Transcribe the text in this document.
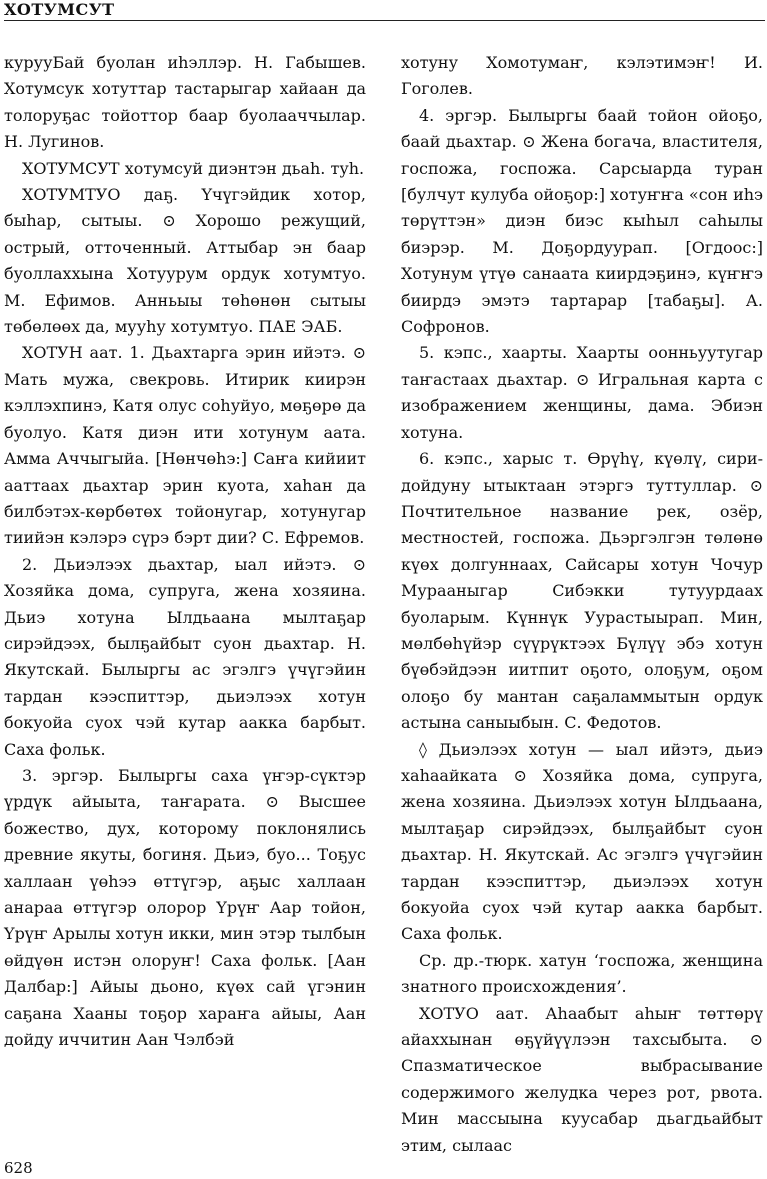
ХОТУМСУТ

курууБай буолан иhэллэр. Н. Габышев. Хотумсук хотуттар тастарыгар хайаан да толоруҕас тойоттор баар буолааччылар. Н. Лугинов.

ХОТУМСУТ хотумсуй диэнтэн дьаh. туh.

ХОТУМТУО даҕ. Үчүгэйдик хотор, быhар, сытыы. ⊙ Хорошо режущий, острый, отточенный. Аттыбар эн баар буоллаххына Хотуурум ордук хотумтуо. М. Ефимов. Анньыы төhөнөн сытыы төбөлөөх да, мууhу хотумтуо. ПАЕ ЭАБ.

ХОТУН аат. 1. Дьахтарга эрин ийэтэ. ⊙ Мать мужа, свекровь. Итирик киирэн кэллэхпинэ, Катя олус соhуйуо, мөҕөрө да буолуо. Катя диэн ити хотунум аата. Амма Аччыгыйа. [Нөнчөhэ:] Саҥа кийиит ааттаах дьахтар эрин куота, хаhан да билбэтэх-көрбөтөх тойонугар, хотунугар тиийэн кэлэрэ сүрэ бэрт дии? С. Ефремов.

2. Дьиэлээх дьахтар, ыал ийэтэ. ⊙ Хозяйка дома, супруга, жена хозяина. Дьиэ хотуна Ылдьаана мылтаҕар сирэйдээх, былҕайбыт суон дьахтар. Н. Якутскай. Былыргы ас эгэлгэ үчүгэйин тардан кээспиттэр, дьиэлээх хотун бокуойа суох чэй кутар аакка барбыт. Саха фольк.

3. эргэр. Былыргы саха үҥэр-сүктэр үрдүк айыыта, таҥарата. ⊙ Высшее божество, дух, которому поклонялись древние якуты, богиня. Дьиэ, буо... Тоҕус халлаан үөhээ өттүгэр, аҕыс халлаан анараа өттүгэр олорор Үрүҥ Аар тойон, Үрүҥ Арылы хотун икки, мин этэр тылбын өйдүөн истэн олоруҥ! Саха фольк. [Аан Далбар:] Айыы дьоно, күөх сай үгэнин саҕана Хааны тоҕор хараҥа айыы, Аан дойду иччитин Аан Чэлбэй

хотуну Хомотумаҥ, кэлэтимэҥ! И. Гоголев.

4. эргэр. Былыргы баай тойон ойоҕо, баай дьахтар. ⊙ Жена богача, властителя, госпожа, госпожа. Сарсыарда туран [булчут кулуба ойоҕор:] хотуҥҥа «сон иhэ төрүттэн» диэн биэс кыhыл саhылы биэрэр. М. Доҕордуурап. [Огдоос:] Хотунум үтүө санаата киирдэҕинэ, күҥҥэ биирдэ эмэтэ тартарар [табаҕы]. А. Софронов.

5. кэпс., хаарты. Хаарты оонньуутугар таҥастаах дьахтар. ⊙ Игральная карта с изображением женщины, дама. Эбиэн хотуна.

6. кэпс., харыс т. Өрүһү, күөлү, сири-дойдуну ытыктаан этэргэ туттуллар. ⊙ Почтительное название рек, озёр, местностей, госпожа. Дьэргэлгэн төлөнө күөх долгуннаах, Сайсары хотун Чочур Мурааныгар Сибэкки тутуурдаах буоларым. Күннүк Уурастыырап. Мин, мөлбөhүйэр сүүрүктээх Бүлүү эбэ хотун бүөбэйдээн иитпит оҕото, олоҕум, оҕом олоҕо бу мантан саҕаламмытын ордук астына саныыбын. С. Федотов.

◊ Дьиэлээх хотун — ыал ийэтэ, дьиэ хаhаайката ⊙ Хозяйка дома, супруга, жена хозяина. Дьиэлээх хотун Ылдьаана, мылтаҕар сирэйдээх, былҕайбыт суон дьахтар. Н. Якутскай. Ас эгэлгэ үчүгэйин тардан кээспиттэр, дьиэлээх хотун бокуойа суох чэй кутар аакка барбыт. Саха фольк.

Ср. др.-тюрк. хатун ‘госпожа, женщина знатного происхождения’.

ХОТУО аат. Аhаабыт аhыҥ төттөрү айаххынан өҕүйүүлээн тахсыбыта. ⊙ Спазматическое выбрасывание содержимого желудка через рот, рвота. Мин массыына куусабар дьагдьайбыт этим, сылаас

628
